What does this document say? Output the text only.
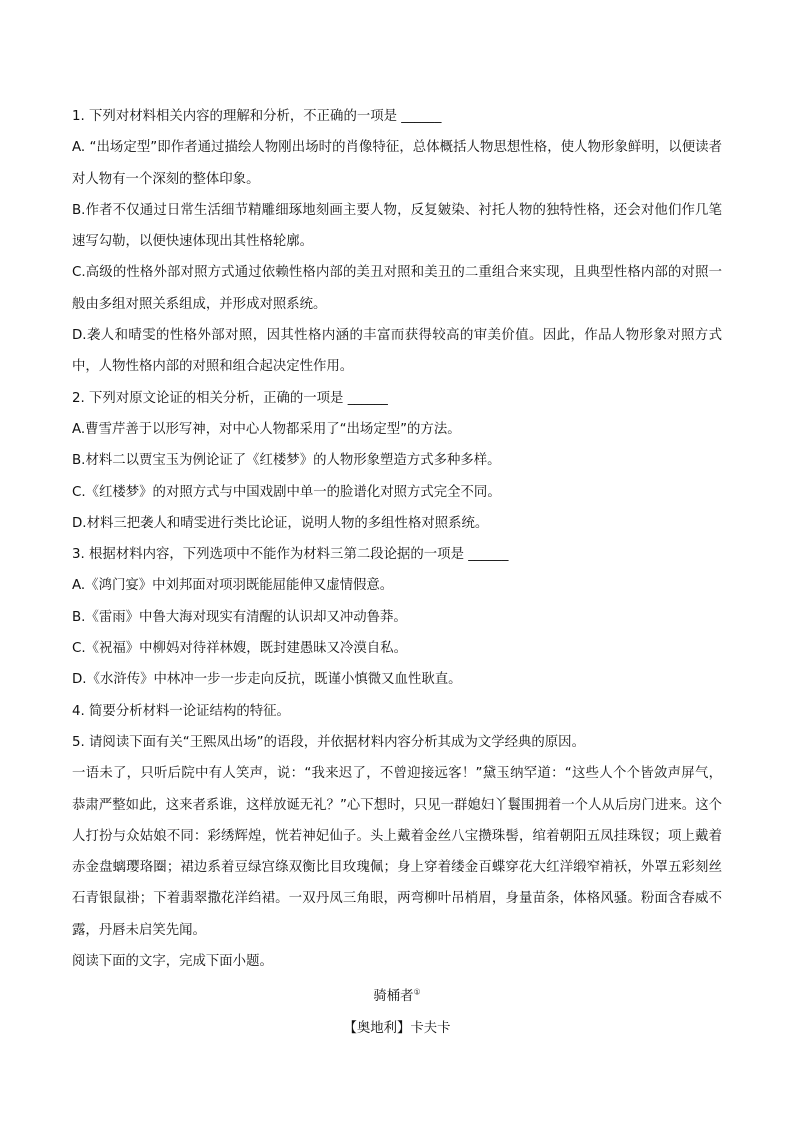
1. 下列对材料相关内容的理解和分析，不正确的一项是 ______
A. “出场定型”即作者通过描绘人物刚出场时的肖像特征，总体概括人物思想性格，使人物形象鲜明，以便读者对人物有一个深刻的整体印象。
B.作者不仅通过日常生活细节精雕细琢地刻画主要人物，反复皴染、衬托人物的独特性格，还会对他们作几笔速写勾勒，以便快速体现出其性格轮廓。
C.高级的性格外部对照方式通过依赖性格内部的美丑对照和美丑的二重组合来实现，且典型性格内部的对照一般由多组对照关系组成，并形成对照系统。
D.袭人和晴雯的性格外部对照，因其性格内涵的丰富而获得较高的审美价值。因此，作品人物形象对照方式中，人物性格内部的对照和组合起决定性作用。
2. 下列对原文论证的相关分析，正确的一项是 ______
A.曹雪芹善于以形写神，对中心人物都采用了“出场定型”的方法。
B.材料二以贾宝玉为例论证了《红楼梦》的人物形象塑造方式多种多样。
C.《红楼梦》的对照方式与中国戏剧中单一的脸谱化对照方式完全不同。
D.材料三把袭人和晴雯进行类比论证，说明人物的多组性格对照系统。
3. 根据材料内容，下列选项中不能作为材料三第二段论据的一项是 ______
A.《鸿门宴》中刘邦面对项羽既能屈能伸又虚情假意。
B.《雷雨》中鲁大海对现实有清醒的认识却又冲动鲁莽。
C.《祝福》中柳妈对待祥林嫂，既封建愚昧又冷漠自私。
D.《水浒传》中林冲一步一步走向反抗，既谨小慎微又血性耿直。
4. 简要分析材料一论证结构的特征。
5. 请阅读下面有关“王熙凤出场”的语段，并依据材料内容分析其成为文学经典的原因。
一语未了，只听后院中有人笑声，说：“我来迟了，不曾迎接远客！”黛玉纳罕道：“这些人个个皆敛声屏气，恭肃严整如此，这来者系谁，这样放诞无礼？”心下想时，只见一群媳妇丫鬟围拥着一个人从后房门进来。这个人打扮与众姑娘不同：彩绣辉煌，恍若神妃仙子。头上戴着金丝八宝攒珠髻，绾着朝阳五凤挂珠钗；项上戴着赤金盘螭璎珞圈；裙边系着豆绿宫绦双衡比目玫瑰佩；身上穿着缕金百蝶穿花大红洋缎窄褃袄，外罩五彩刻丝石青银鼠褂；下着翡翠撒花洋绉裙。一双丹凤三角眼，两弯柳叶吊梢眉，身量苗条，体格风骚。粉面含春威不露，丹唇未启笑先闻。
阅读下面的文字，完成下面小题。
骑桶者①
【奥地利】卡夫卡
